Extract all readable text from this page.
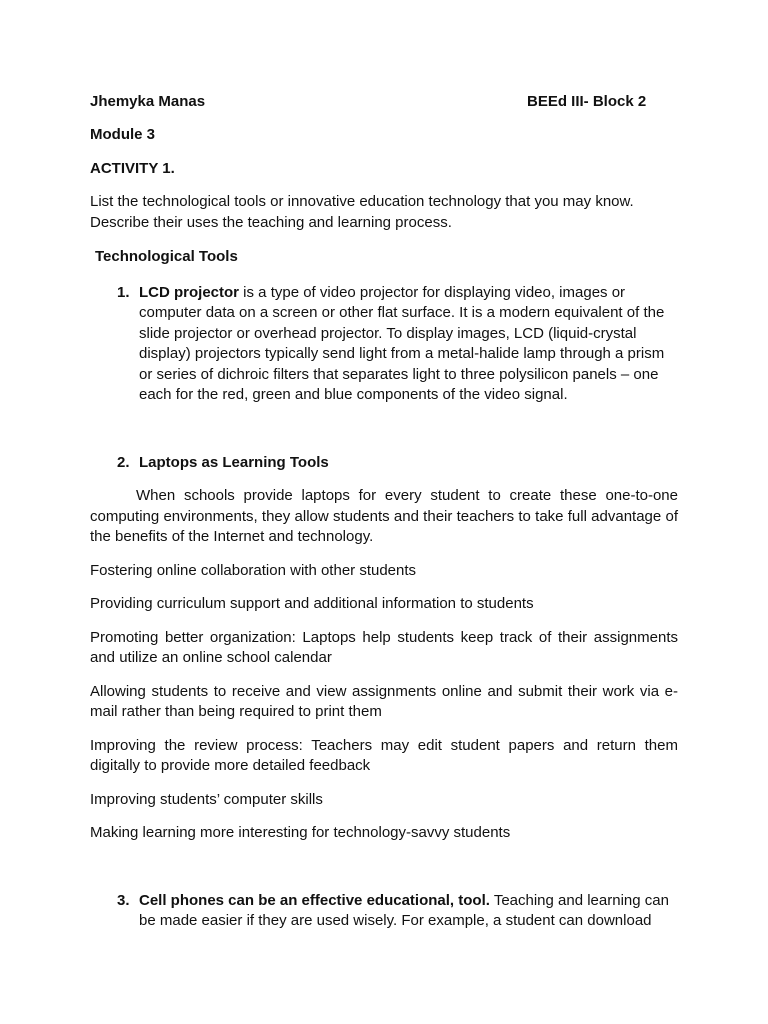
Jhemyka Manas	BEEd III- Block 2

Module 3

ACTIVITY 1.

List the technological tools or innovative education technology that you may know. Describe their uses the teaching and learning process.

Technological Tools

1. LCD projector is a type of video projector for displaying video, images or computer data on a screen or other flat surface. It is a modern equivalent of the slide projector or overhead projector. To display images, LCD (liquid-crystal display) projectors typically send light from a metal-halide lamp through a prism or series of dichroic filters that separates light to three polysilicon panels – one each for the red, green and blue components of the video signal.
2. Laptops as Learning Tools

When schools provide laptops for every student to create these one-to-one computing environments, they allow students and their teachers to take full advantage of the benefits of the Internet and technology.

Fostering online collaboration with other students

Providing curriculum support and additional information to students

Promoting better organization: Laptops help students keep track of their assignments and utilize an online school calendar

Allowing students to receive and view assignments online and submit their work via e-mail rather than being required to print them

Improving the review process: Teachers may edit student papers and return them digitally to provide more detailed feedback

Improving students’ computer skills

Making learning more interesting for technology-savvy students

3. Cell phones can be an effective educational, tool. Teaching and learning can be made easier if they are used wisely. For example, a student can download
